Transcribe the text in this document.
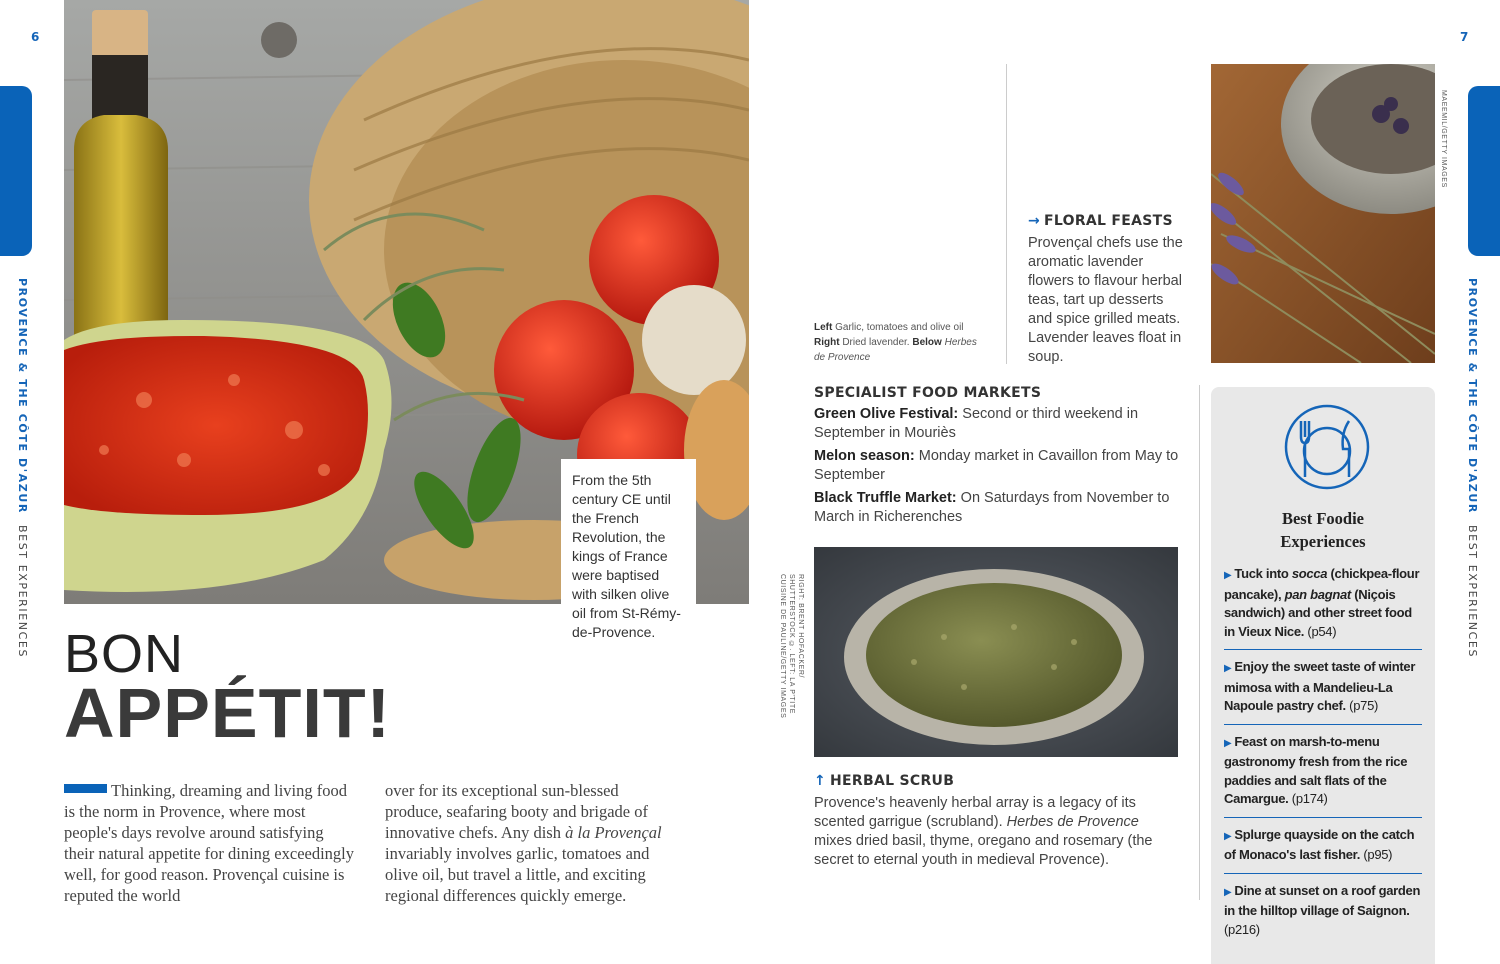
6
PROVENCE & THE CÔTE D'AZUR BEST EXPERIENCES
From the 5th century CE until the French Revolution, the kings of France were baptised with silken olive oil from St-Rémy-de-Provence.
BON
APPÉTIT!
Thinking, dreaming and living food is the norm in Provence, where most people's days revolve around satisfying their natural appetite for dining exceedingly well, for good reason. Provençal cuisine is reputed the world
over for its exceptional sun-blessed produce, seafaring booty and brigade of innovative chefs. Any dish à la Provençal invariably involves garlic, tomatoes and olive oil, but travel a little, and exciting regional differences quickly emerge.
7
PROVENCE & THE CÔTE D'AZUR BEST EXPERIENCES
RIGHT: BRENT HOFACKER/ SHUTTERSTOCK ©. LEFT: LA P'TITE CUISINE DE PAULINE/GETTY IMAGES
MAEEMIL/GETTY IMAGES
Left Garlic, tomatoes and olive oil
Right Dried lavender. Below Herbes de Provence
→ FLORAL FEASTS
Provençal chefs use the aromatic lavender flowers to flavour herbal teas, tart up desserts and spice grilled meats. Lavender leaves float in soup.
SPECIALIST FOOD MARKETS
Green Olive Festival: Second or third weekend in September in Mouriès
Melon season: Monday market in Cavaillon from May to September
Black Truffle Market: On Saturdays from November to March in Richerenches
↑ HERBAL SCRUB
Provence's heavenly herbal array is a legacy of its scented garrigue (scrubland). Herbes de Provence mixes dried basil, thyme, oregano and rosemary (the secret to eternal youth in medieval Provence).
Best Foodie
Experiences
▶ Tuck into socca (chickpea-flour pancake), pan bagnat (Niçois sandwich) and other street food in Vieux Nice. (p54)
▶ Enjoy the sweet taste of winter mimosa with a Mandelieu-La Napoule pastry chef. (p75)
▶ Feast on marsh-to-menu gastronomy fresh from the rice paddies and salt flats of the Camargue. (p174)
▶ Splurge quayside on the catch of Monaco's last fisher. (p95)
▶ Dine at sunset on a roof garden in the hilltop village of Saignon. (p216)
